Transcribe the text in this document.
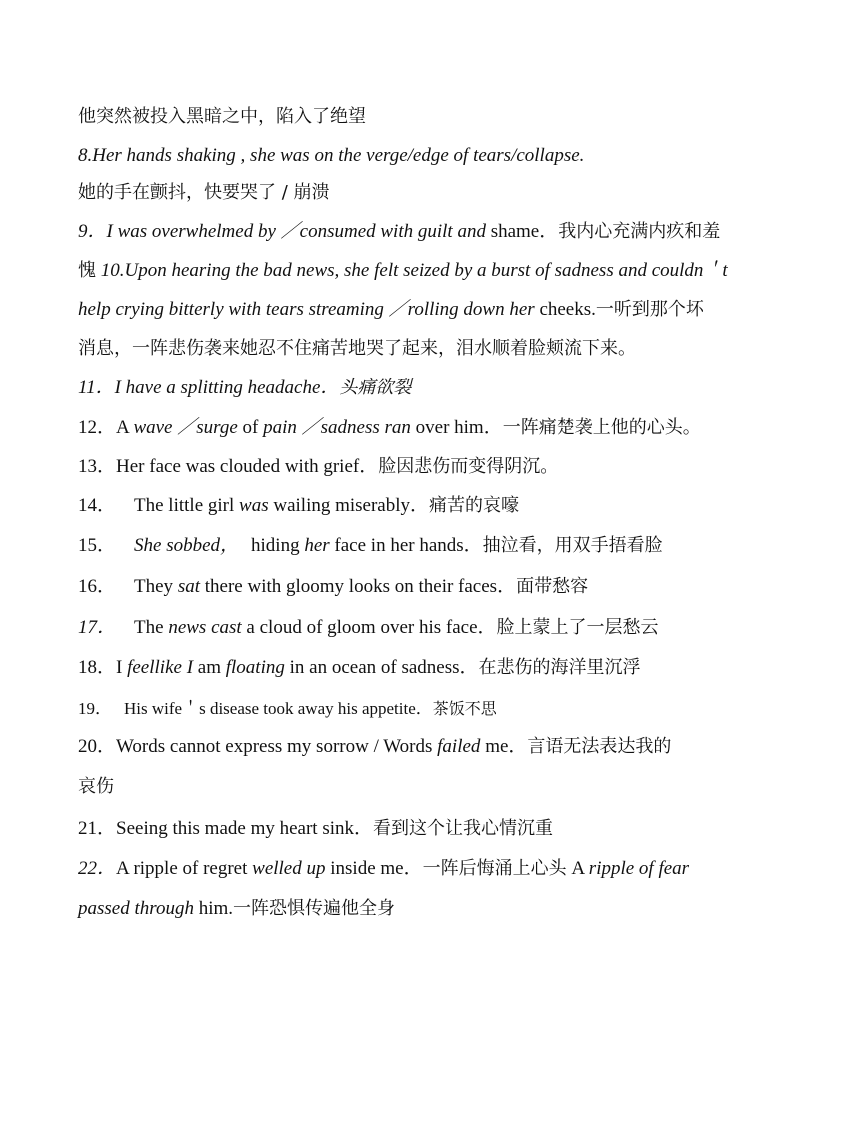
他突然被投入黑暗之中，陷入了绝望
8.Her hands shaking , she was on the verge/edge of tears/collapse.
她的手在颤抖，快要哭了 / 崩溃
9．I was overwhelmed by ／consumed with guilt and shame．我内心充满内疚和羞
愧 10.Upon hearing the bad news, she felt seized by a burst of sadness and couldn＇t
help crying bitterly with tears streaming ／rolling down her cheeks.一听到那个坏
消息，一阵悲伤袭来她忍不住痛苦地哭了起来，泪水顺着脸颊流下来。
11．I have a splitting headache．头痛欲裂
12．A wave ／surge of pain ／sadness ran over him．一阵痛楚袭上他的心头。
13．Her face was clouded with grief．脸因悲伤而变得阴沉。
14． The little girl was wailing miserably．痛苦的哀嚎
15． She sobbed， hiding her face in her hands．抽泣看，用双手捂看脸
16． They sat there with gloomy looks on their faces．面带愁容
17． The news cast a cloud of gloom over his face．脸上蒙上了一层愁云
18．I feellike I am floating in an ocean of sadness．在悲伤的海洋里沉浮
19． His wife＇s disease took away his appetite．茶饭不思
20．Words cannot express my sorrow / Words failed me．言语无法表达我的
哀伤
21．Seeing this made my heart sink．看到这个让我心情沉重
22．A ripple of regret welled up inside me．一阵后悔涌上心头 A ripple of fear
passed through him.一阵恐惧传遍他全身
